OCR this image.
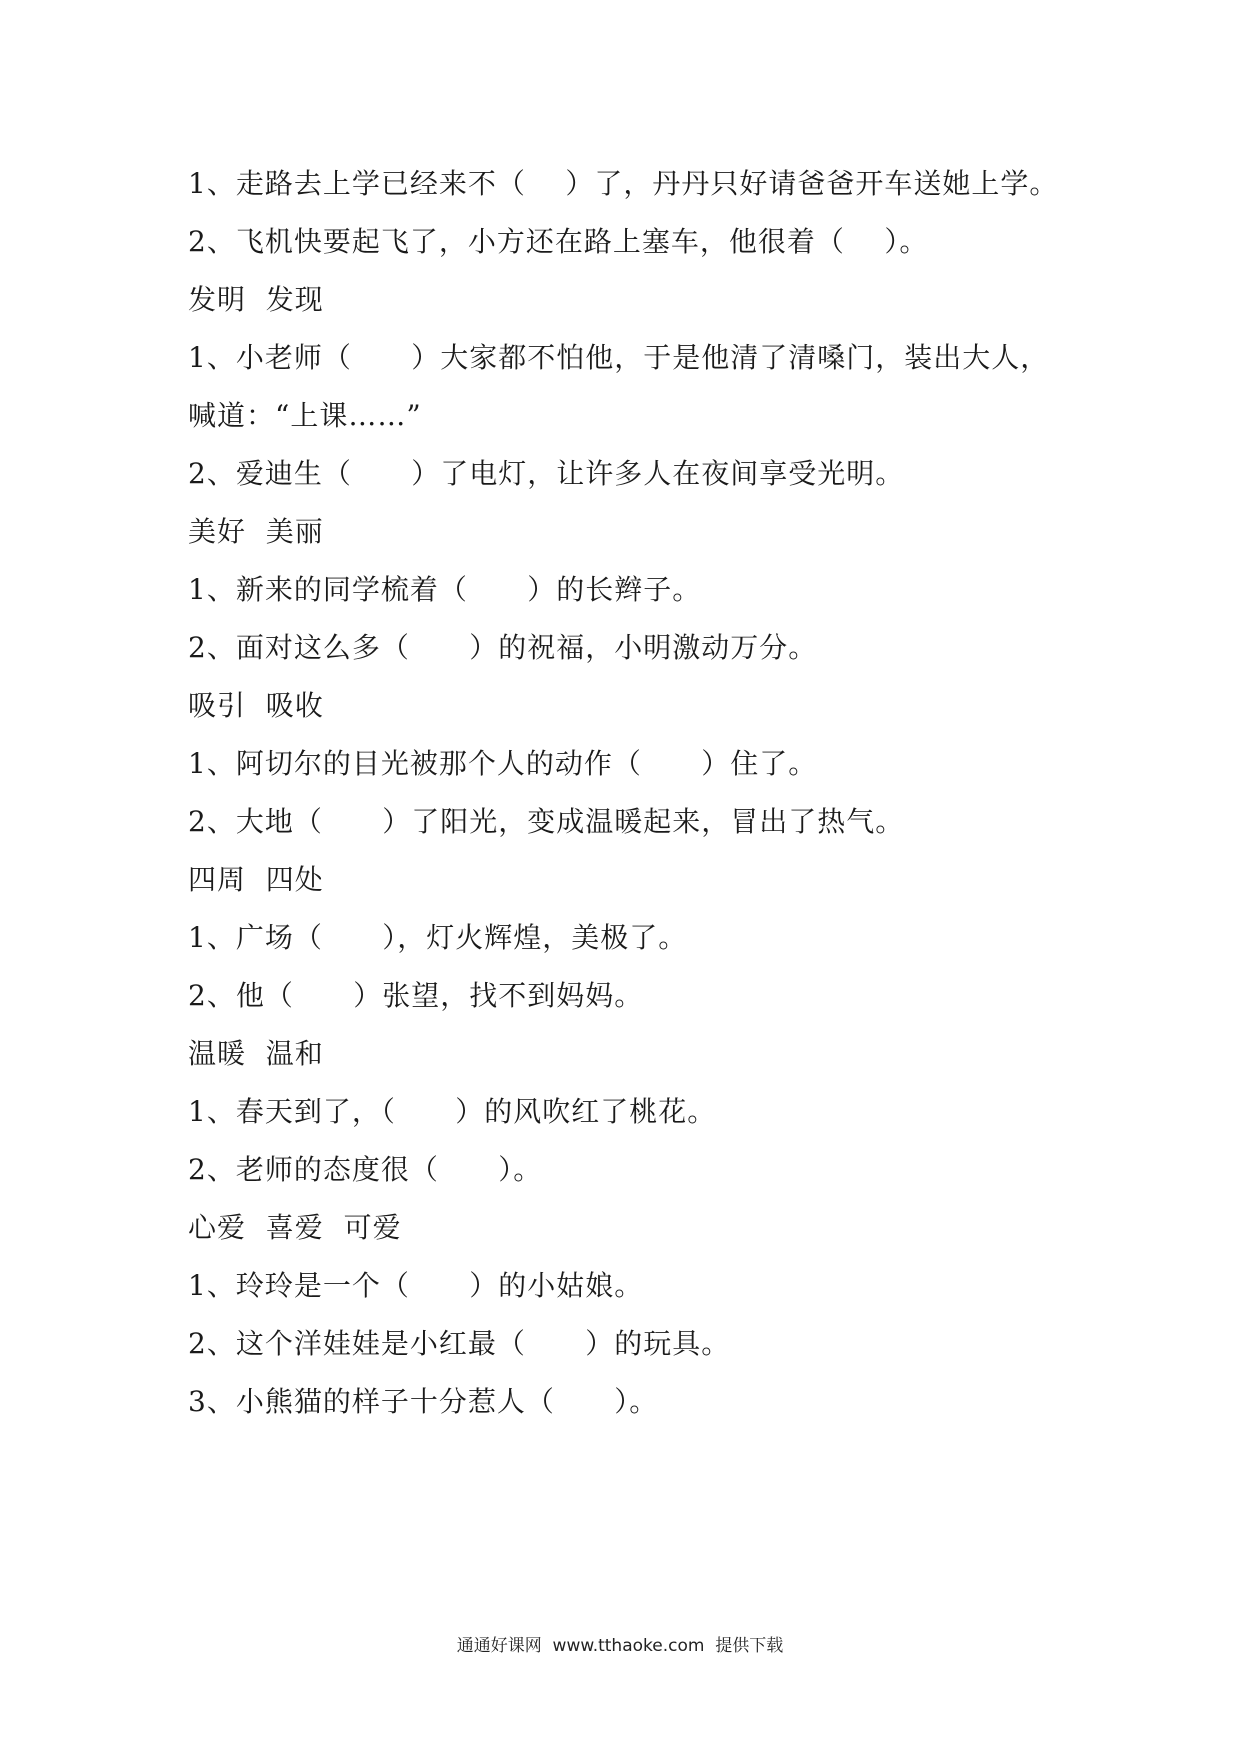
1、走路去上学已经来不（    ）了，丹丹只好请爸爸开车送她上学。
2、飞机快要起飞了，小方还在路上塞车，他很着（    ）。
发明  发现
1、小老师（      ）大家都不怕他，于是他清了清嗓门，装出大人，
喊道：“上课……”
2、爱迪生（      ）了电灯，让许多人在夜间享受光明。
美好  美丽
1、新来的同学梳着（      ）的长辫子。
2、面对这么多（      ）的祝福，小明激动万分。
吸引  吸收
1、阿切尔的目光被那个人的动作（      ）住了。
2、大地（      ）了阳光，变成温暖起来，冒出了热气。
四周  四处
1、广场（      ），灯火辉煌，美极了。
2、他（      ）张望，找不到妈妈。
温暖  温和
1、春天到了，（      ）的风吹红了桃花。
2、老师的态度很（      ）。
心爱  喜爱  可爱
1、玲玲是一个（      ）的小姑娘。
2、这个洋娃娃是小红最（      ）的玩具。
3、小熊猫的样子十分惹人（      ）。
通通好课网  www.tthaoke.com  提供下载
